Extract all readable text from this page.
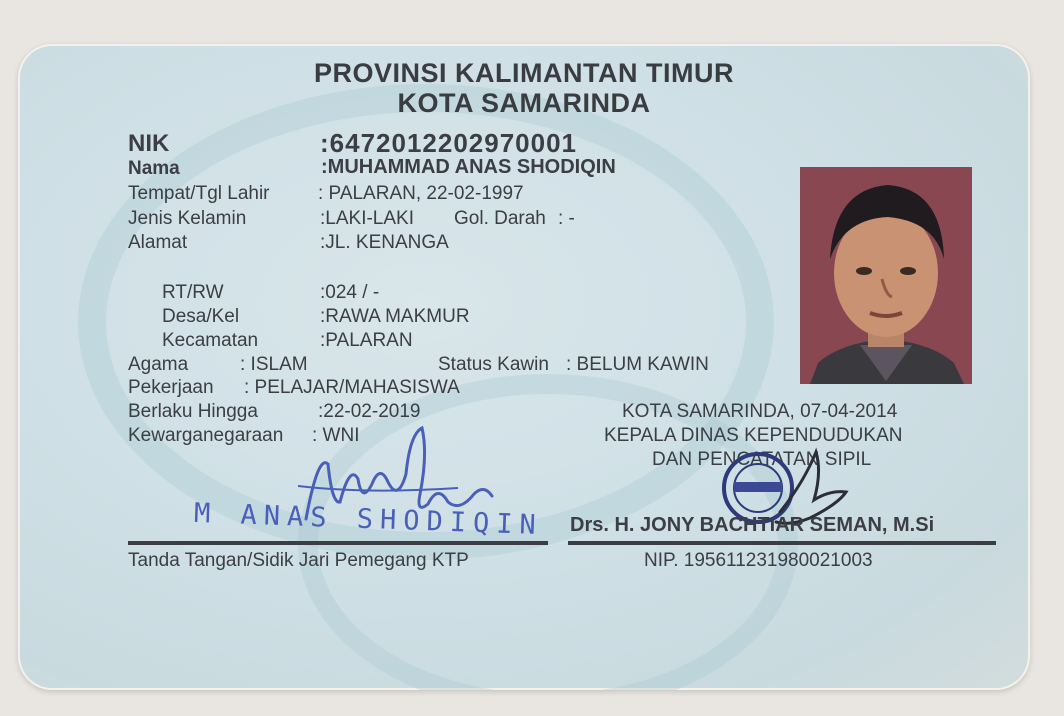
PROVINSI KALIMANTAN TIMUR
KOTA SAMARINDA
NIK	:6472012202970001
Nama	:MUHAMMAD ANAS SHODIQIN
Tempat/Tgl Lahir	: PALARAN, 22-02-1997
Jenis Kelamin	:LAKI-LAKI Gol. Darah : -
Alamat	:JL. KENANGA
RT/RW	:024 / -
Desa/Kel	:RAWA MAKMUR
Kecamatan	:PALARAN
Agama	: ISLAM	Status Kawin : BELUM KAWIN
Pekerjaan : PELAJAR/MAHASISWA
Berlaku Hingga	:22-02-2019
Kewarganegaraan : WNI
KOTA SAMARINDA, 07-04-2014
KEPALA DINAS KEPENDUDUKAN
DAN PENCATATAN SIPIL
M ANAS SHODIQIN
Tanda Tangan/Sidik Jari Pemegang KTP
Drs. H. JONY BACHTIAR SEMAN, M.Si
NIP. 195611231980021003
